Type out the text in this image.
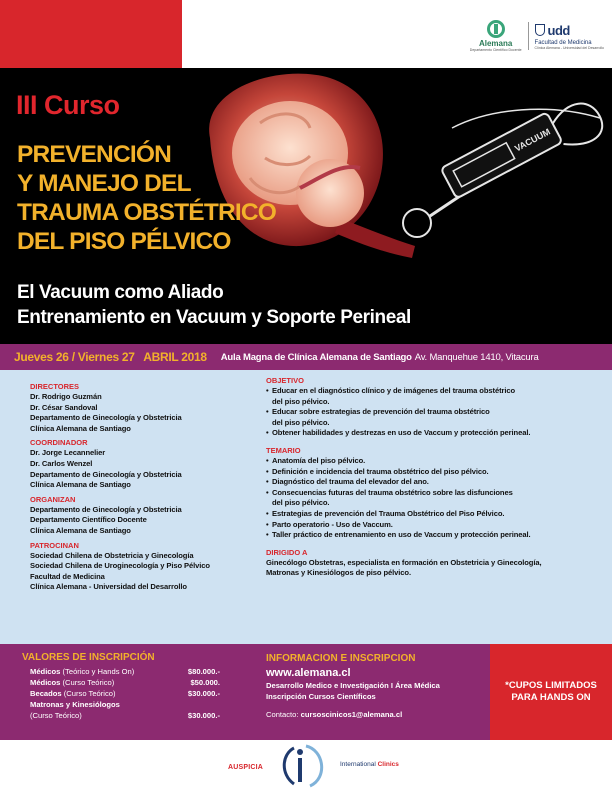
Alemana
Departamento Científico Docente
udd
Facultad de Medicina
Clínica Alemana - Universidad del Desarrollo
VACUUM
III Curso
PREVENCIÓN
Y MANEJO DEL
TRAUMA OBSTÉTRICO
DEL PISO PÉLVICO
El Vacuum como Aliado
Entrenamiento en Vacuum y Soporte Perineal
Jueves 26 / Viernes 27   ABRIL 2018 Aula Magna de Clínica Alemana de Santiago Av. Manquehue 1410, Vitacura
DIRECTORES
Dr. Rodrigo Guzmán
Dr. César Sandoval
Departamento de Ginecología y Obstetricia
Clínica Alemana de Santiago
COORDINADOR
Dr. Jorge Lecannelier
Dr. Carlos Wenzel
Departamento de Ginecología y Obstetricia
Clínica Alemana de Santiago
ORGANIZAN
Departamento de Ginecología y Obstetricia
Departamento Científico Docente
Clínica Alemana de Santiago
PATROCINAN
Sociedad Chilena de Obstetricia y Ginecología
Sociedad Chilena de Uroginecología y Piso Pélvico
Facultad de Medicina
Clínica Alemana - Universidad del Desarrollo
OBJETIVO
• Educar en el diagnóstico clínico y de imágenes del trauma obstétrico
del piso pélvico.
• Educar sobre estrategias de prevención del trauma obstétrico
del piso pélvico.
• Obtener habilidades y destrezas en uso de Vaccum y protección perineal.
TEMARIO
• Anatomía del piso pélvico.
• Definición e incidencia del trauma obstétrico del piso pélvico.
• Diagnóstico del trauma del elevador del ano.
• Consecuencias futuras del trauma obstétrico sobre las disfunciones
del piso pélvico.
• Estrategias de prevención del Trauma Obstétrico del Piso Pélvico.
• Parto operatorio - Uso de Vaccum.
• Taller práctico de entrenamiento en uso de Vaccum y protección perineal.
DIRIGIDO A
Ginecólogo Obstetras, especialista en formación en Obstetricia y Ginecología,
Matronas y Kinesiólogos de piso pélvico.
VALORES DE INSCRIPCIÓN
Médicos (Teórico y Hands On)	$80.000.-
Médicos (Curso Teórico)	$50.000.
Becados (Curso Teórico)	$30.000.-
Matronas y Kinesiólogos
(Curso Teórico)	$30.000.-
INFORMACION E INSCRIPCION
www.alemana.cl
Desarrollo Medico e Investigación I Área Médica
Inscripción Cursos Científicos
Contacto: cursoscinicos1@alemana.cl
*CUPOS LIMITADOS
PARA HANDS ON
AUSPICIA	International Clinics
